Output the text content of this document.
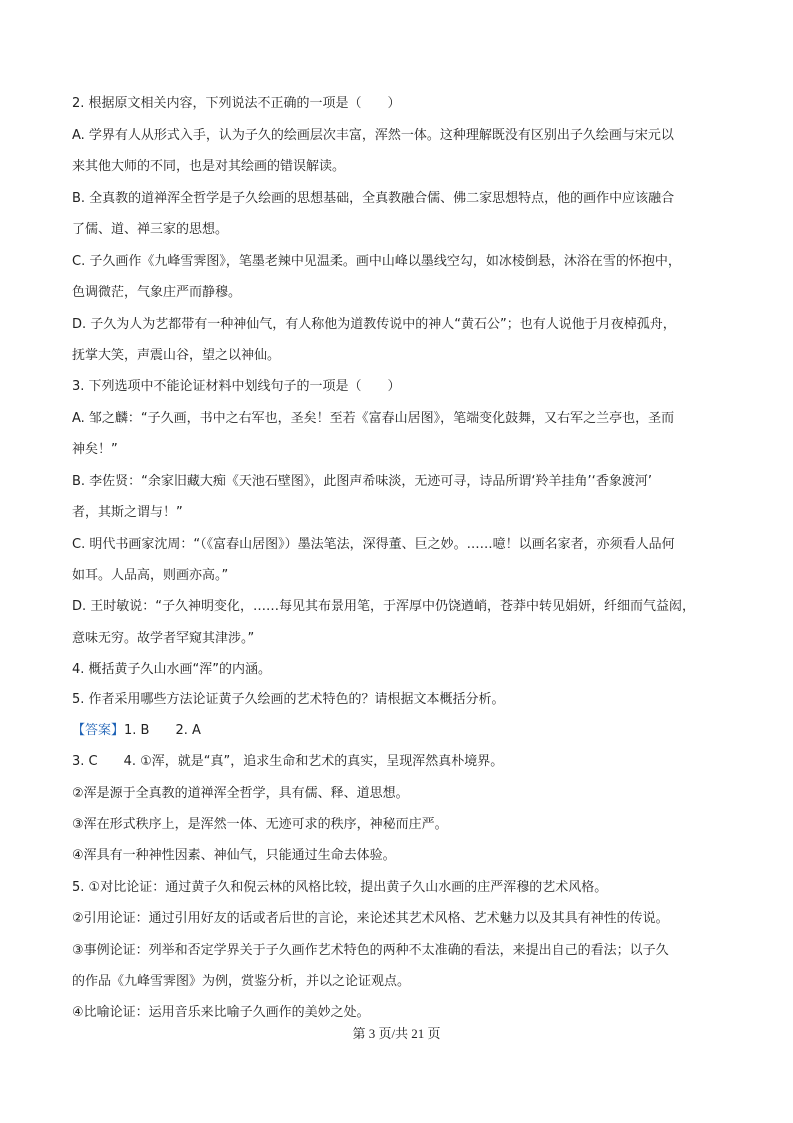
2. 根据原文相关内容，下列说法不正确的一项是（　　）
A. 学界有人从形式入手，认为子久的绘画层次丰富，浑然一体。这种理解既没有区别出子久绘画与宋元以
来其他大师的不同，也是对其绘画的错误解读。
B. 全真教的道禅浑全哲学是子久绘画的思想基础，全真教融合儒、佛二家思想特点，他的画作中应该融合
了儒、道、禅三家的思想。
C. 子久画作《九峰雪霁图》，笔墨老辣中见温柔。画中山峰以墨线空勾，如冰棱倒悬，沐浴在雪的怀抱中，
色调微茫，气象庄严而静穆。
D. 子久为人为艺都带有一种神仙气，有人称他为道教传说中的神人“黄石公”；也有人说他于月夜棹孤舟，
抚掌大笑，声震山谷，望之以神仙。
3. 下列选项中不能论证材料中划线句子的一项是（　　）
A. 邹之麟：“子久画，书中之右军也，圣矣！至若《富春山居图》，笔端变化鼓舞，又右军之兰亭也，圣而
神矣！”
B. 李佐贤：“余家旧藏大痴《天池石壁图》，此图声希味淡，无迹可寻，诗品所谓‘羚羊挂角’‘香象渡河’
者，其斯之谓与！”
C. 明代书画家沈周：“（《富春山居图》）墨法笔法，深得董、巨之妙。……噫！以画名家者，亦须看人品何
如耳。人品高，则画亦高。”
D. 王时敏说：“子久神明变化，……每见其布景用笔，于浑厚中仍饶遒峭，苍莽中转见娟妍，纤细而气益闳，
意味无穷。故学者罕窥其津涉。”
4. 概括黄子久山水画“浑”的内涵。
5. 作者采用哪些方法论证黄子久绘画的艺术特色的？请根据文本概括分析。
【答案】1. B　　2. A
3. C　　4. ①浑，就是“真”，追求生命和艺术的真实，呈现浑然真朴境界。
②浑是源于全真教的道禅浑全哲学，具有儒、释、道思想。
③浑在形式秩序上，是浑然一体、无迹可求的秩序，神秘而庄严。
④浑具有一种神性因素、神仙气，只能通过生命去体验。
5. ①对比论证：通过黄子久和倪云林的风格比较，提出黄子久山水画的庄严浑穆的艺术风格。
②引用论证：通过引用好友的话或者后世的言论，来论述其艺术风格、艺术魅力以及其具有神性的传说。
③事例论证：列举和否定学界关于子久画作艺术特色的两种不太准确的看法，来提出自己的看法；以子久
的作品《九峰雪霁图》为例，赏鉴分析，并以之论证观点。
④比喻论证：运用音乐来比喻子久画作的美妙之处。
第 3 页/共 21 页
